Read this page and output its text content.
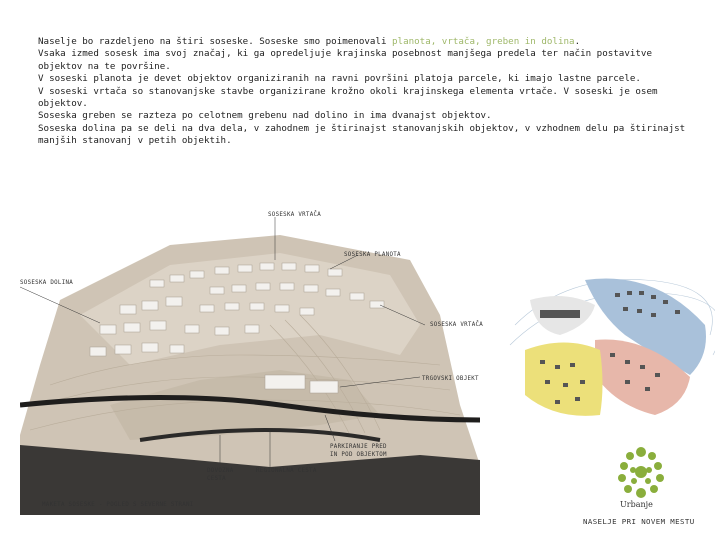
Naselje bo razdeljeno na štiri soseske. Soseske smo poimenovali planota, vrtača, greben in dolina.

Vsaka izmed sosesk ima svoj značaj, ki ga opredeljuje krajinska posebnost manjšega predela ter način postavitve objektov na te površine.

V soseski planota je devet objektov organiziranih na ravni površini platoja parcele, ki imajo lastne parcele.

V soseski vrtača so stanovanjske stavbe organizirane krožno okoli krajinskega elementa vrtače. V soseski je osem objektov.

Soseska greben se razteza po celotnem grebenu nad dolino in ima dvanajst objektov.

Soseska dolina pa se deli na dva dela, v zahodnem je štirinajst stanovanjskih objektov, v vzhodnem delu pa štirinajst manjših stanovanj v petih objektih.

SOSESKA VRTAČA
SOSESKA PLANOTA
SOSESKA DOLINA
SOSESKA VRTAČA
TRGOVSKI OBJEKT
PARKIRANJE PRED
IN POD OBJEKTOM
DOVOZNA
CESTA
REGIONALNA CESTA
MAKETA SOSESKE - POGLED S SEVERNE STRANI	Urbanje
NASELJE PRI NOVEM MESTU
